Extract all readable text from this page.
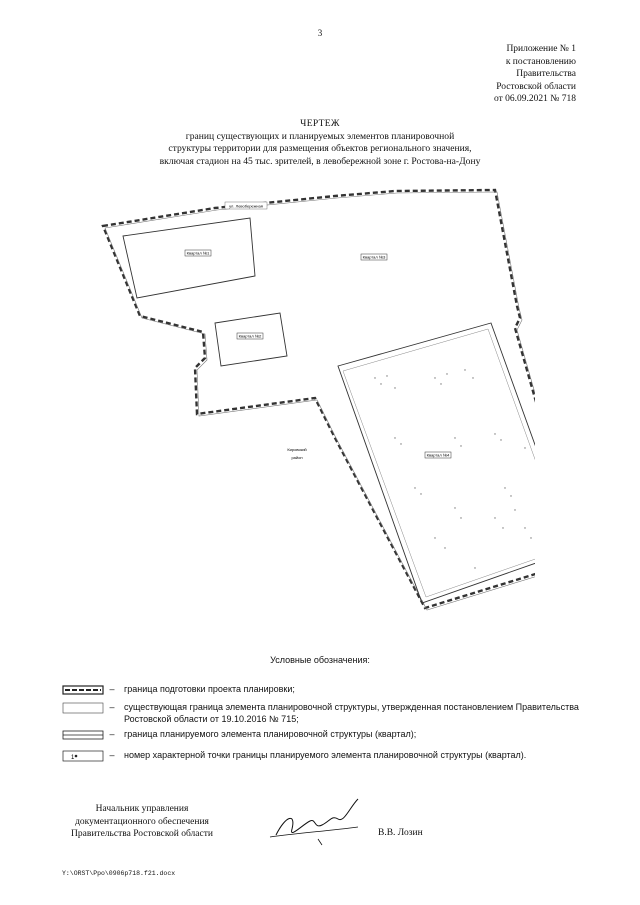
3
Приложение № 1
к постановлению
Правительства
Ростовской области
от 06.09.2021 № 718
ЧЕРТЕЖ
границ существующих и планируемых элементов планировочной
структуры территории для размещения объектов регионального значения,
включая стадион на 45 тыс. зрителей, в левобережной зоне г. Ростова-на-Дону
ул. Левобережная
Квартал №1
Квартал №2
Квартал №3
Квартал №4
Кировский
район
Условные обозначения:
–	граница подготовки проекта планировки;
–	существующая граница элемента планировочной структуры, утвержденная постановлением Правительства Ростовской области от 19.10.2016 № 715;
–	граница планируемого элемента планировочной структуры (квартал);
1	–	номер характерной точки границы планируемого элемента планировочной структуры (квартал).
Начальник управления
документационного обеспечения
Правительства Ростовской области	В.В. Лозин
Y:\ORST\Ppo\0906p718.f21.docx
